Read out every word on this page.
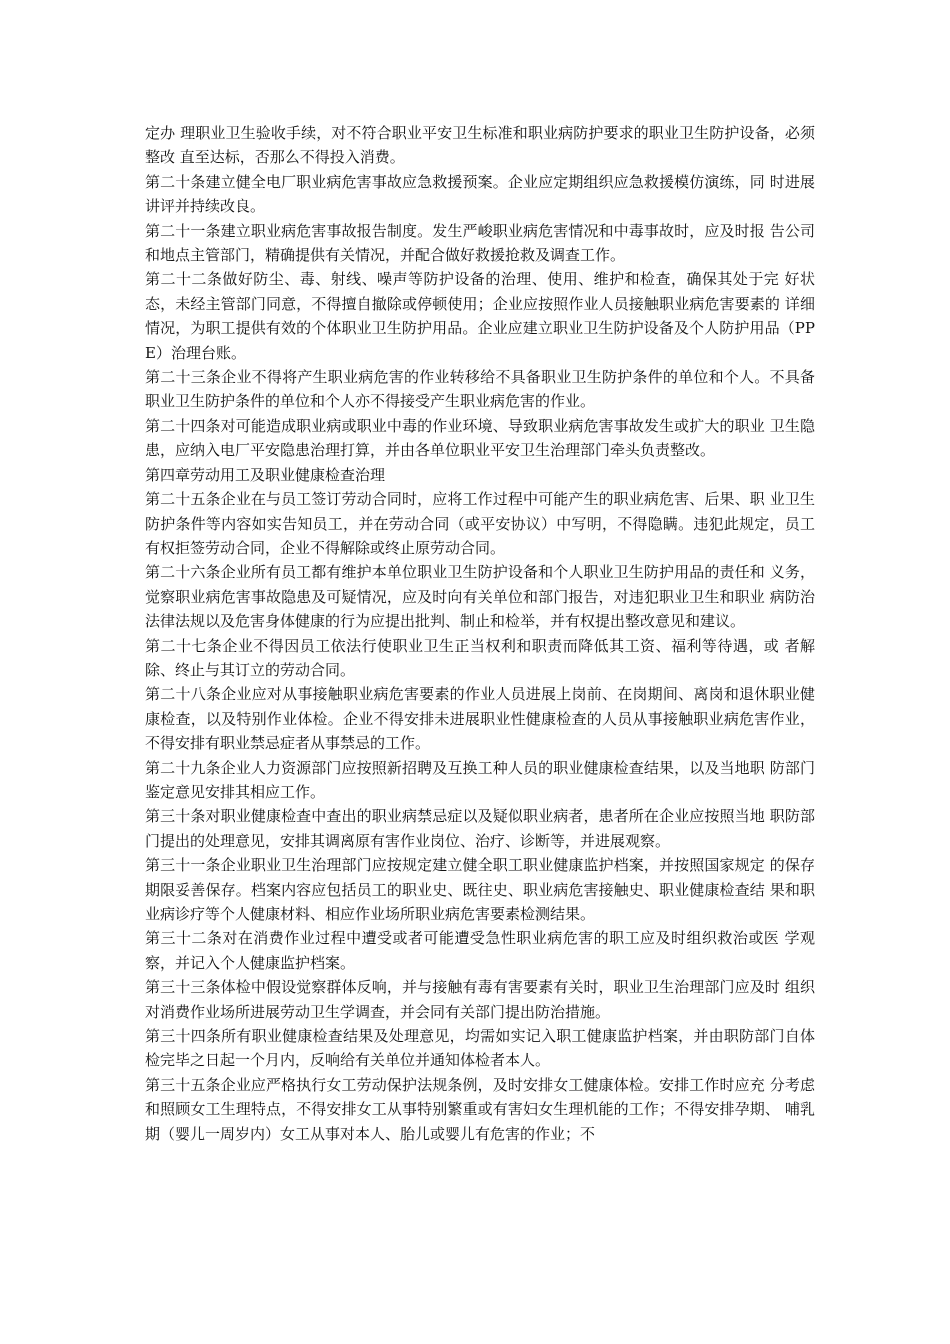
定办 理职业卫生验收手续，对不符合职业平安卫生标准和职业病防护要求的职业卫生防护设备，必须整改 直至达标，否那么不得投入消费。

第二十条建立健全电厂职业病危害事故应急救援预案。企业应定期组织应急救援模仿演练，同 时进展讲评并持续改良。

第二十一条建立职业病危害事故报告制度。发生严峻职业病危害情况和中毒事故时，应及时报 告公司和地点主管部门，精确提供有关情况，并配合做好救援抢救及调查工作。

第二十二条做好防尘、毒、射线、噪声等防护设备的治理、使用、维护和检查，确保其处于完 好状态，未经主管部门同意，不得擅自撤除或停顿使用；企业应按照作业人员接触职业病危害要素的 详细情况，为职工提供有效的个体职业卫生防护用品。企业应建立职业卫生防护设备及个人防护用品（PPE）治理台账。

第二十三条企业不得将产生职业病危害的作业转移给不具备职业卫生防护条件的单位和个人。不具备职业卫生防护条件的单位和个人亦不得接受产生职业病危害的作业。

第二十四条对可能造成职业病或职业中毒的作业环境、导致职业病危害事故发生或扩大的职业 卫生隐患，应纳入电厂平安隐患治理打算，并由各单位职业平安卫生治理部门牵头负责整改。

第四章劳动用工及职业健康检查治理

第二十五条企业在与员工签订劳动合同时，应将工作过程中可能产生的职业病危害、后果、职 业卫生防护条件等内容如实告知员工，并在劳动合同（或平安协议）中写明，不得隐瞒。违犯此规定，员工有权拒签劳动合同，企业不得解除或终止原劳动合同。

第二十六条企业所有员工都有维护本单位职业卫生防护设备和个人职业卫生防护用品的责任和 义务，觉察职业病危害事故隐患及可疑情况，应及时向有关单位和部门报告，对违犯职业卫生和职业 病防治法律法规以及危害身体健康的行为应提出批判、制止和检举，并有权提出整改意见和建议。

第二十七条企业不得因员工依法行使职业卫生正当权利和职责而降低其工资、福利等待遇，或 者解除、终止与其订立的劳动合同。

第二十八条企业应对从事接触职业病危害要素的作业人员进展上岗前、在岗期间、离岗和退休职业健康检查，以及特别作业体检。企业不得安排未进展职业性健康检查的人员从事接触职业病危害作业，不得安排有职业禁忌症者从事禁忌的工作。

第二十九条企业人力资源部门应按照新招聘及互换工种人员的职业健康检查结果，以及当地职 防部门鉴定意见安排其相应工作。

第三十条对职业健康检查中查出的职业病禁忌症以及疑似职业病者，患者所在企业应按照当地 职防部门提出的处理意见，安排其调离原有害作业岗位、治疗、诊断等，并进展观察。

第三十一条企业职业卫生治理部门应按规定建立健全职工职业健康监护档案，并按照国家规定 的保存期限妥善保存。档案内容应包括员工的职业史、既往史、职业病危害接触史、职业健康检查结 果和职业病诊疗等个人健康材料、相应作业场所职业病危害要素检测结果。

第三十二条对在消费作业过程中遭受或者可能遭受急性职业病危害的职工应及时组织救治或医 学观察，并记入个人健康监护档案。

第三十三条体检中假设觉察群体反响，并与接触有毒有害要素有关时，职业卫生治理部门应及时 组织对消费作业场所进展劳动卫生学调查，并会同有关部门提出防治措施。

第三十四条所有职业健康检查结果及处理意见，均需如实记入职工健康监护档案，并由职防部门自体检完毕之日起一个月内，反响给有关单位并通知体检者本人。

第三十五条企业应严格执行女工劳动保护法规条例，及时安排女工健康体检。安排工作时应充 分考虑和照顾女工生理特点，不得安排女工从事特别繁重或有害妇女生理机能的工作；不得安排孕期、 哺乳期（婴儿一周岁内）女工从事对本人、胎儿或婴儿有危害的作业；不
